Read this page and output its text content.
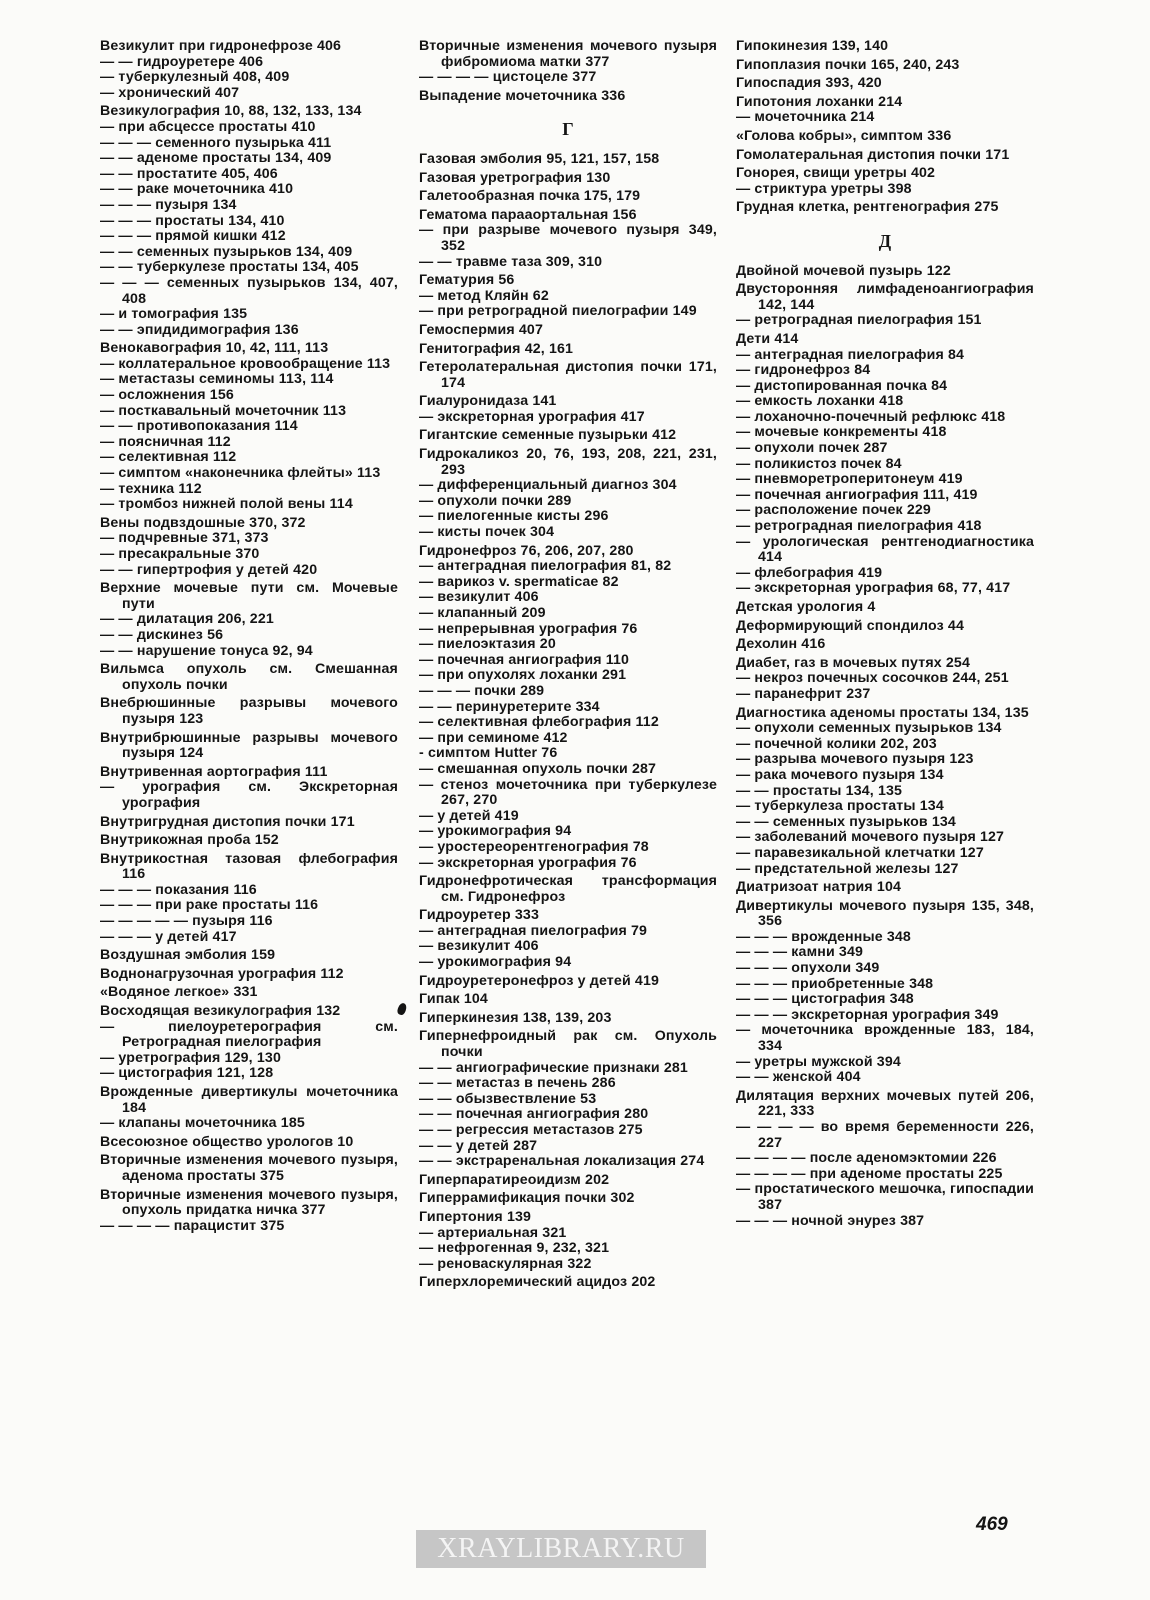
Везикулит при гидронефрозе 406

— — гидроуретере 406

— туберкулезный 408, 409

— хронический 407

Везикулография 10, 88, 132, 133, 134

— при абсцессе простаты 410

— — — семенного пузырька 411

— — аденоме простаты 134, 409

— — простатите 405, 406

— — раке мочеточника 410

— — — пузыря 134

— — — простаты 134, 410

— — — прямой кишки 412

— — семенных пузырьков 134, 409

— — туберкулезе простаты 134, 405

— — — семенных пузырьков 134, 407, 408

— и томография 135

— — эпидидимография 136

Венокавография 10, 42, 111, 113

— коллатеральное кровообращение 113

— метастазы семиномы 113, 114

— осложнения 156

— посткавальный мочеточник 113

— — противопоказания 114

— поясничная 112

— селективная 112

— симптом «наконечника флейты» 113

— техника 112

— тромбоз нижней полой вены 114

Вены подвздошные 370, 372

— подчревные 371, 373

— пресакральные 370

— — гипертрофия у детей 420

Верхние мочевые пути см. Мочевые пути

— — дилатация 206, 221

— — дискинез 56

— — нарушение тонуса 92, 94

Вильмса опухоль см. Смешанная опухоль почки

Внебрюшинные разрывы мочевого пузыря 123

Внутрибрюшинные разрывы мочевого пузыря 124

Внутривенная аортография 111

— урография см. Экскреторная урография

Внутригрудная дистопия почки 171

Внутрикожная проба 152

Внутрикостная тазовая флебография 116

— — — показания 116

— — — при раке простаты 116

— — — — — пузыря 116

— — — у детей 417

Воздушная эмболия 159

Воднонагрузочная урография 112

«Водяное легкое» 331

Восходящая везикулография 132

— пиелоуретерография см. Ретроградная пиелография

— уретрография 129, 130

— цистография 121, 128

Врожденные дивертикулы мочеточника 184

— клапаны мочеточника 185

Всесоюзное общество урологов 10

Вторичные изменения мочевого пузыря, аденома простаты 375

Вторичные изменения мочевого пузыря, опухоль придатка ничка 377

— — — — парацистит 375

Вторичные изменения мочевого пузыря фибромиома матки 377

— — — — цистоцеле 377

Выпадение мочеточника 336

Г

Газовая эмболия 95, 121, 157, 158

Газовая уретрография 130

Галетообразная почка 175, 179

Гематома парааортальная 156

— при разрыве мочевого пузыря 349, 352

— — травме таза 309, 310

Гематурия 56

— метод Кляйн 62

— при ретроградной пиелографии 149

Гемоспермия 407

Генитография 42, 161

Гетеролатеральная дистопия почки 171, 174

Гиалуронидаза 141

— экскреторная урография 417

Гигантские семенные пузырьки 412

Гидрокаликоз 20, 76, 193, 208, 221, 231, 293

— дифференциальный диагноз 304

— опухоли почки 289

— пиелогенные кисты 296

— кисты почек 304

Гидронефроз 76, 206, 207, 280

— антеградная пиелография 81, 82

— варикоз v. spermaticae 82

— везикулит 406

— клапанный 209

— непрерывная урография 76

— пиелоэктазия 20

— почечная ангиография 110

— при опухолях лоханки 291

— — — почки 289

— — перинуретерите 334

— селективная флебография 112

— при семиноме 412

- симптом Hutter 76

— смешанная опухоль почки 287

— стеноз мочеточника при туберкулезе 267, 270

— у детей 419

— урокимография 94

— уростереорентгенография 78

— экскреторная урография 76

Гидронефротическая трансформация см. Гидронефроз

Гидроуретер 333

— антеградная пиелография 79

— везикулит 406

— урокимография 94

Гидроуретеронефроз у детей 419

Гипак 104

Гиперкинезия 138, 139, 203

Гипернефроидный рак см. Опухоль почки

— — ангиографические признаки 281

— — метастаз в печень 286

— — обызвествление 53

— — почечная ангиография 280

— — регрессия метастазов 275

— — у детей 287

— — экстраренальная локализация 274

Гиперпаратиреоидизм 202

Гиперрамификация почки 302

Гипертония 139

— артериальная 321

— нефрогенная 9, 232, 321

— реноваскулярная 322

Гиперхлоремический ацидоз 202

Гипокинезия 139, 140

Гипоплазия почки 165, 240, 243

Гипоспадия 393, 420

Гипотония лоханки 214

— мочеточника 214

«Голова кобры», симптом 336

Гомолатеральная дистопия почки 171

Гонорея, свищи уретры 402

— стриктура уретры 398

Грудная клетка, рентгенография 275

Д

Двойной мочевой пузырь 122

Двусторонняя лимфаденоангиография 142, 144

— ретроградная пиелография 151

Дети 414

— антеградная пиелография 84

— гидронефроз 84

— дистопированная почка 84

— емкость лоханки 418

— лоханочно-почечный рефлюкс 418

— мочевые конкременты 418

— опухоли почек 287

— поликистоз почек 84

— пневморетроперитонеум 419

— почечная ангиография 111, 419

— расположение почек 229

— ретроградная пиелография 418

— урологическая рентгенодиагностика 414

— флебография 419

— экскреторная урография 68, 77, 417

Детская урология 4

Деформирующий спондилоз 44

Дехолин 416

Диабет, газ в мочевых путях 254

— некроз почечных сосочков 244, 251

— паранефрит 237

Диагностика аденомы простаты 134, 135

— опухоли семенных пузырьков 134

— почечной колики 202, 203

— разрыва мочевого пузыря 123

— рака мочевого пузыря 134

— — простаты 134, 135

— туберкулеза простаты 134

— — семенных пузырьков 134

— заболеваний мочевого пузыря 127

— паравезикальной клетчатки 127

— предстательной железы 127

Диатризоат натрия 104

Дивертикулы мочевого пузыря 135, 348, 356

— — — врожденные 348

— — — камни 349

— — — опухоли 349

— — — приобретенные 348

— — — цистография 348

— — — экскреторная урография 349

— мочеточника врожденные 183, 184, 334

— уретры мужской 394

— — женской 404

Дилятация верхних мочевых путей 206, 221, 333

— — — — во время беременности 226, 227

— — — — после аденомэктомии 226

— — — — при аденоме простаты 225

— простатического мешочка, гипоспадии 387

— — — ночной энурез 387

XRAYLIBRARY.RU
469
